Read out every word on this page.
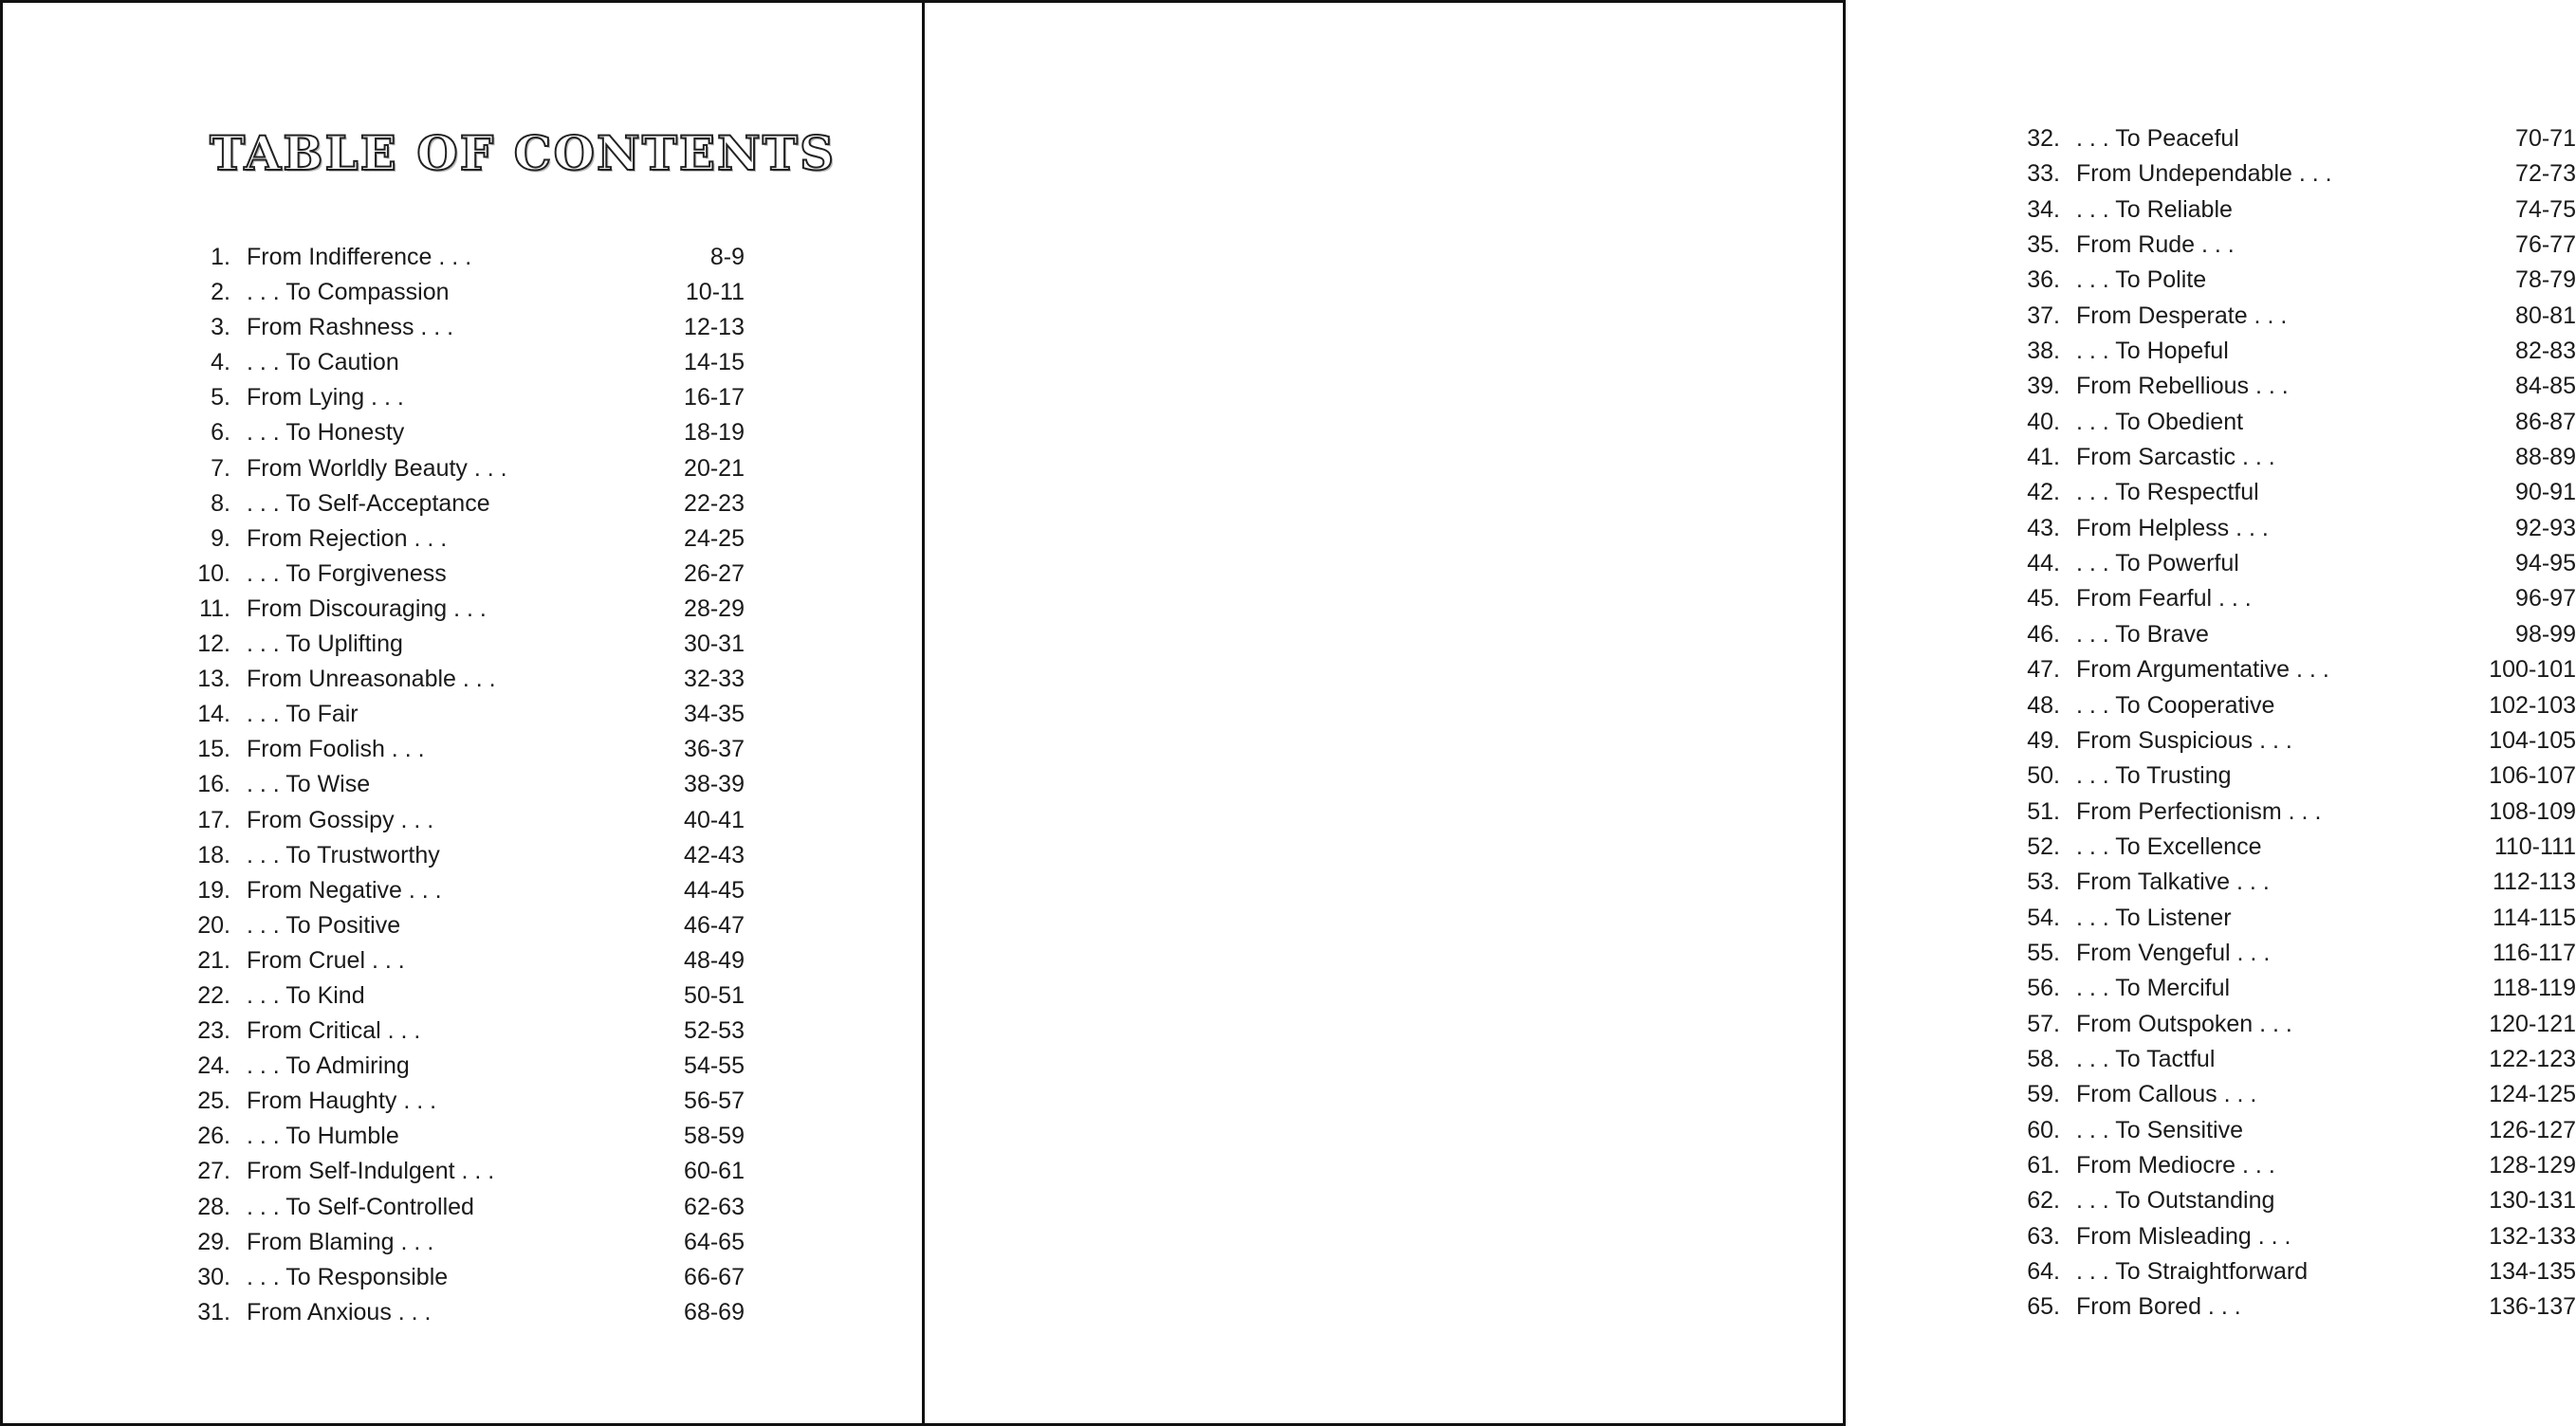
TABLE OF CONTENTS
1. From Indifference . . .	8-9
2. . . . To Compassion	10-11
3. From Rashness . . .	12-13
4. . . . To Caution	14-15
5. From Lying . . .	16-17
6. . . . To Honesty	18-19
7. From Worldly Beauty . . .	20-21
8. . . . To Self-Acceptance	22-23
9. From Rejection . . .	24-25
10. . . . To Forgiveness	26-27
11. From Discouraging . . .	28-29
12. . . . To Uplifting	30-31
13. From Unreasonable . . .	32-33
14. . . . To Fair	34-35
15. From Foolish . . .	36-37
16. . . . To Wise	38-39
17. From Gossipy . . .	40-41
18. . . . To Trustworthy	42-43
19. From Negative . . .	44-45
20. . . . To Positive	46-47
21. From Cruel . . .	48-49
22. . . . To Kind	50-51
23. From Critical . . .	52-53
24. . . . To Admiring	54-55
25. From Haughty . . .	56-57
26. . . . To Humble	58-59
27. From Self-Indulgent . . .	60-61
28. . . . To Self-Controlled	62-63
29. From Blaming . . .	64-65
30. . . . To Responsible	66-67
31. From Anxious . . .	68-69
32. . . . To Peaceful	70-71
33. From Undependable . . .	72-73
34. . . . To Reliable	74-75
35. From Rude . . .	76-77
36. . . . To Polite	78-79
37. From Desperate . . .	80-81
38. . . . To Hopeful	82-83
39. From Rebellious . . .	84-85
40. . . . To Obedient	86-87
41. From Sarcastic . . .	88-89
42. . . . To Respectful	90-91
43. From Helpless . . .	92-93
44. . . . To Powerful	94-95
45. From Fearful . . .	96-97
46. . . . To Brave	98-99
47. From Argumentative . . .	100-101
48. . . . To Cooperative	102-103
49. From Suspicious . . .	104-105
50. . . . To Trusting	106-107
51. From Perfectionism . . .	108-109
52. . . . To Excellence	110-111
53. From Talkative . . .	112-113
54. . . . To Listener	114-115
55. From Vengeful . . .	116-117
56. . . . To Merciful	118-119
57. From Outspoken . . .	120-121
58. . . . To Tactful	122-123
59. From Callous . . .	124-125
60. . . . To Sensitive	126-127
61. From Mediocre . . .	128-129
62. . . . To Outstanding	130-131
63. From Misleading . . .	132-133
64. . . . To Straightforward	134-135
65. From Bored . . .	136-137
